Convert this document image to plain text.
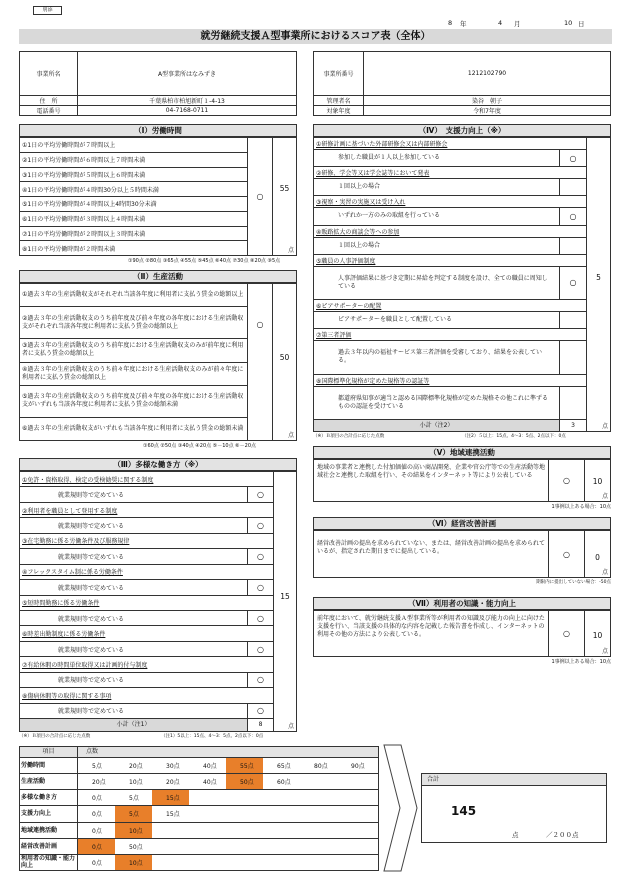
別添
8	年	4	月	10 日
就労継続支援Ａ型事業所におけるスコア表（全体）
事業所名	A型事業所はなみずき
住　所	千葉県柏市柏旭新町１-4-13
電話番号	04-7168-0711
事業所番号	1212102790
管理者名	染谷　朝子
対象年度	令和7年度
（Ⅰ）労働時間
①1日の平均労働時間が７時間以上
②1日の平均労働時間が６時間以上７時間未満
③1日の平均労働時間が５時間以上６時間未満
④1日の平均労働時間が４時間30分以上５時間未満
⑤1日の平均労働時間が４時間以上4時間30分未満
⑥1日の平均労働時間が３時間以上４時間未満
⑦1日の平均労働時間が２時間以上３時間未満
⑧1日の平均労働時間が２時間未満
○
55
点
①90点 ②80点 ③65点 ④55点 ⑤45点 ⑥40点 ⑦30点 ⑧20点 ⑨5点
（Ⅱ）生産活動
①過去３年の生産活動収支がそれぞれ当該各年度に利用者に支払う賃金の総額以上
②過去３年の生産活動収支のうち前年度及び前々年度の各年度における生産活動収支がそれぞれ当該各年度に利用者に支払う賃金の総額以上
③過去３年の生産活動収支のうち前年度における生産活動収支のみが前年度に利用者に支払う賃金の総額以上
④過去３年の生産活動収支のうち前々年度における生産活動収支のみが前々年度に利用者に支払う賃金の総額以上
⑤過去３年の生産活動収支のうち前年度及び前々年度の各年度における生産活動収支がいずれも当該各年度に利用者に支払う賃金の総額未満
⑥過去３年の生産活動収支がいずれも当該各年度に利用者に支払う賃金の総額未満
○
50
点
①60点 ②50点 ③40点 ④20点 ⑤－10点 ⑥－20点
（Ⅲ）多様な働き方（※）
①免許・資格取得、検定の受検勧奨に関する制度
就業規則等で定めている	○
②利用者を職員として登用する制度
就業規則等で定めている	○
③在宅勤務に係る労働条件及び服務規律
就業規則等で定めている	○
④フレックスタイム制に係る労働条件
就業規則等で定めている	○
⑤短時間勤務に係る労働条件
就業規則等で定めている	○
⑥時差出勤制度に係る労働条件
就業規則等で定めている	○
⑦有給休暇の時間単位取得又は計画的付与制度
就業規則等で定めている	○
⑧傷病休暇等の取得に関する事項
就業規則等で定めている	○
小計（注1）	8
15
点
（※）Ｂ項目の合計点に応じた点数	（注1）5以上：15点、4～3：5点、2点以下：0点
（Ⅳ）　支援力向上（※）
①研修計画に基づいた外部研修会又は内部研修会
参加した職員が１人以上参加している	○
②研修、学会等又は学会誌等において発表
１回以上の場合
③視察・実習の実施又は受け入れ
いずれか一方のみの取組を行っている	○
④販路拡大の商談会等への参加
１回以上の場合
⑤職員の人事評価制度
人事評価結果に基づき定期に昇給を判定する制度を設け、全ての職員に周知している	○
⑥ピアサポーターの配置
ピアサポーターを職員として配置している
⑦第三者評価
過去３年以内の福祉サービス第三者評価を受審しており、結果を公表している。
⑧国際標準化規格が定めた規格等の認証等
都道府県知事が適当と認める国際標準化規格が定めた規格その他これに準ずるものの認証を受けている
小計（注2）	3
5
点
（※）Ｂ項目の合計点に応じた点数	（注2）５以上：15点、4～3：5点、2点以下：0点
（Ⅴ）地域連携活動
地域の事業者と連携した付加価値の高い商品開発、企業や官公庁等での生産活動等地域社会と連携した取組を行い、その結果をインターネット等により公表している
○	10
点
1事例以上ある場合：10点
（Ⅵ）経営改善計画
経営改善計画の提出を求められていない、または、経営改善計画の提出を求められているが、指定された期日までに提出している。	○	0
点
期限内に提出していない場合：-50点
（Ⅶ）利用者の知識・能力向上
前年度において、就労継続支援Ａ型事業所等が利用者の知識及び能力の向上に向けた支援を行い、当該支援の具体的な内容を記載した報告書を作成し、インターネットの利用その他の方法により公表している。	○	10
点
1事例以上ある場合：10点
項目	点数
労働時間	5点	20点	30点	40点	55点	65点	80点	90点
生産活動	20点	10点	20点	40点	50点	60点
多様な働き方	0点	5点	15点
支援力向上	0点	5点	15点
地域連携活動	0点	10点
経営改善計画	0点	50点
利用者の知識・能力向上	0点	10点
合計
145
点	／２００点
